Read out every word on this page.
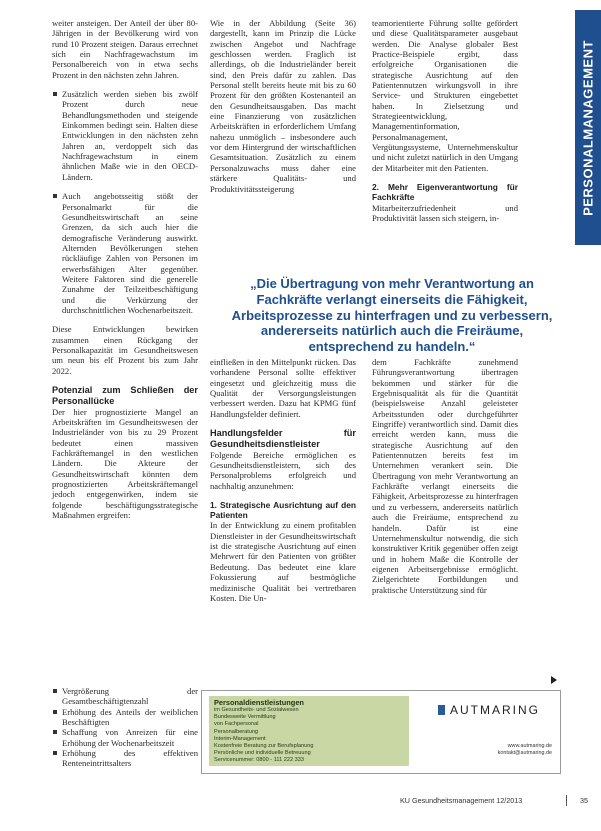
PERSONALMANAGEMENT

weiter ansteigen. Der Anteil der über 80-Jährigen in der Bevölkerung wird von rund 10 Prozent steigen. Daraus errechnet sich ein Nachfragewachstum im Personalbereich von in etwa sechs Prozent in den nächsten zehn Jahren.

Zusätzlich werden sieben bis zwölf Prozent durch neue Behandlungsmethoden und steigende Einkommen bedingt sein. Halten diese Entwicklungen in den nächsten zehn Jahren an, verdoppelt sich das Nachfragewachstum in einem ähnlichen Maße wie in den OECD-Ländern.
Auch angebotsseitig stößt der Personalmarkt für die Gesundheitswirtschaft an seine Grenzen, da sich auch hier die demografische Veränderung auswirkt. Alternden Bevölkerungen stehen rückläufige Zahlen von Personen im erwerbsfähigen Alter gegenüber. Weitere Faktoren sind die generelle Zunahme der Teilzeitbeschäftigung und die Verkürzung der durchschnittlichen Wochenarbeitszeit.

Diese Entwicklungen bewirken zusammen einen Rückgang der Personalkapazität im Gesundheitswesen um neun bis elf Prozent bis zum Jahr 2022.

Potenzial zum Schließen der Personallücke

Der hier prognostizierte Mangel an Arbeitskräften im Gesundheitswesen der Industrieländer von bis zu 29 Prozent bedeutet einen massiven Fachkräftemangel in den westlichen Ländern. Die Akteure der Gesundheitswirtschaft könnten dem prognostizierten Arbeitskräftemangel jedoch entgegenwirken, indem sie folgende beschäftigungsstrategische Maßnahmen ergreifen:

Vergrößerung der Gesamtbeschäftigtenzahl
Erhöhung des Anteils der weiblichen Beschäftigten
Schaffung von Anreizen für eine Erhöhung der Wochenarbeitszeit
Erhöhung des effektiven Renteneintrittsalters

Wie in der Abbildung (Seite 36) dargestellt, kann im Prinzip die Lücke zwischen Angebot und Nachfrage geschlossen werden. Fraglich ist allerdings, ob die Industrieländer bereit sind, den Preis dafür zu zahlen. Das Personal stellt bereits heute mit bis zu 60 Prozent für den größten Kostenanteil an den Gesundheitsausgaben. Das macht eine Finanzierung von zusätzlichen Arbeitskräften in erforderlichem Umfang nahezu unmöglich – insbesondere auch vor dem Hintergrund der wirtschaftlichen Gesamtsituation. Zusätzlich zu einem Personalzuwachs muss daher eine stärkere Qualitäts- und Produktivitätssteigerung

teamorientierte Führung sollte gefördert und diese Qualitätsparameter ausgebaut werden. Die Analyse globaler Best Practice-Beispiele ergibt, dass erfolgreiche Organisationen die strategische Ausrichtung auf den Patientennutzen wirkungsvoll in ihre Service- und Strukturen eingebettet haben. In Zielsetzung und Strategieentwicklung, Managementinformation, Personalmanagement, Vergütungssysteme, Unternehmenskultur und nicht zuletzt natürlich in den Umgang der Mitarbeiter mit den Patienten.

2. Mehr Eigenverantwortung für Fachkräfte

Mitarbeiterzufriedenheit und Produktivität lassen sich steigern, in-

„Die Übertragung von mehr Verantwortung an Fachkräfte verlangt einerseits die Fähigkeit, Arbeitsprozesse zu hinterfragen und zu verbessern, andererseits natürlich auch die Freiräume, entsprechend zu handeln.“

einfließen in den Mittelpunkt rücken. Das vorhandene Personal sollte effektiver eingesetzt und gleichzeitig muss die Qualität der Versorgungsleistungen verbessert werden. Dazu hat KPMG fünf Handlungsfelder definiert.

Handlungsfelder für Gesundheitsdienstleister

Folgende Bereiche ermöglichen es Gesundheitsdienstleistern, sich des Personalproblems erfolgreich und nachhaltig anzunehmen:

1. Strategische Ausrichtung auf den Patienten

In der Entwicklung zu einem profitablen Dienstleister in der Gesundheitswirtschaft ist die strategische Ausrichtung auf einen Mehrwert für den Patienten von größter Bedeutung. Das bedeutet eine klare Fokussierung auf bestmögliche medizinische Qualität bei vertretbaren Kosten. Die Un-

dem Fachkräfte zunehmend Führungsverantwortung übertragen bekommen und stärker für die Ergebnisqualität als für die Quantität (beispielsweise Anzahl geleisteter Arbeitsstunden oder durchgeführter Eingriffe) verantwortlich sind. Damit dies erreicht werden kann, muss die strategische Ausrichtung auf den Patientennutzen bereits fest im Unternehmen verankert sein. Die Übertragung von mehr Verantwortung an Fachkräfte verlangt einerseits die Fähigkeit, Arbeitsprozesse zu hinterfragen und zu verbessern, andererseits natürlich auch die Freiräume, entsprechend zu handeln. Dafür ist eine Unternehmenskultur notwendig, die sich konstruktiver Kritik gegenüber offen zeigt und in hohem Maße die Kontrolle der eigenen Arbeitsergebnisse ermöglicht. Zielgerichtete Fortbildungen und praktische Unterstützung sind für

Personaldienstleistungen
im Gesundheits- und Sozialwesen
Bundesweite Vermittlung
von Fachpersonal
Personalberatung
Interim-Management
Kostenfreie Beratung zur Berufsplanung
Persönliche und individuelle Betreuung
Servicenummer: 0800 - 111 222 333
AUTMARING
www.autmaring.de
kontakt@autmaring.de
KU Gesundheitsmanagement 12/2013	35
